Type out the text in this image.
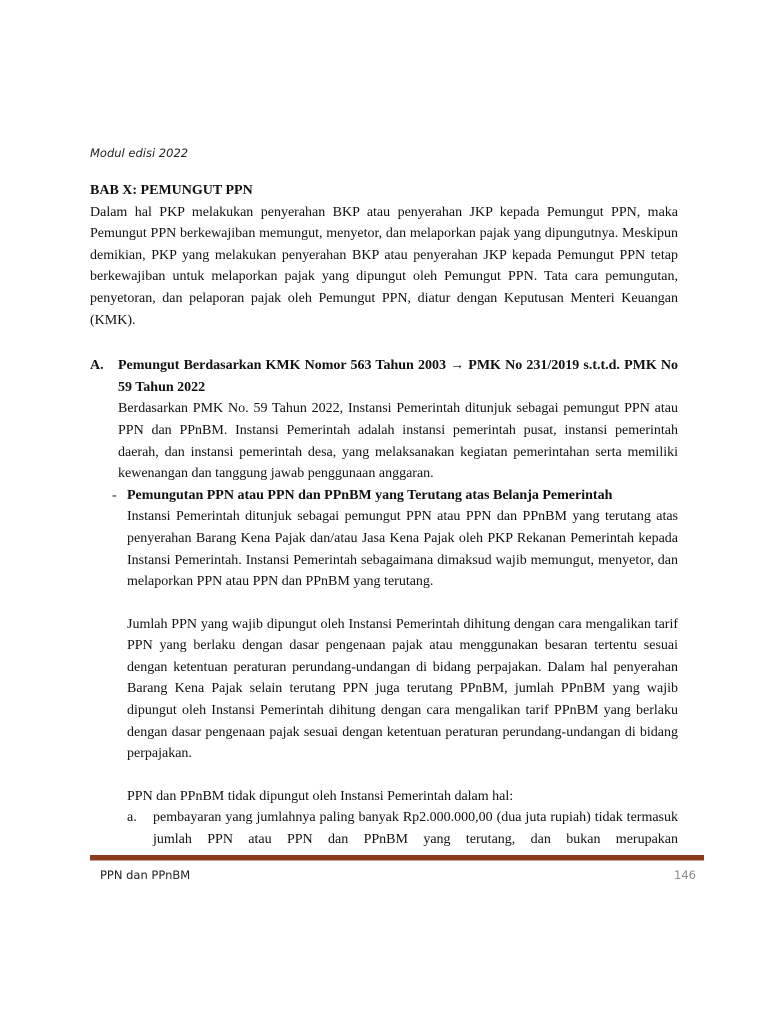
Modul edisi 2022

BAB X: PEMUNGUT PPN

Dalam hal PKP melakukan penyerahan BKP atau penyerahan JKP kepada Pemungut PPN, maka Pemungut PPN berkewajiban memungut, menyetor, dan melaporkan pajak yang dipungutnya. Meskipun demikian, PKP yang melakukan penyerahan BKP atau penyerahan JKP kepada Pemungut PPN tetap berkewajiban untuk melaporkan pajak yang dipungut oleh Pemungut PPN. Tata cara pemungutan, penyetoran, dan pelaporan pajak oleh Pemungut PPN, diatur dengan Keputusan Menteri Keuangan (KMK).

A. Pemungut Berdasarkan KMK Nomor 563 Tahun 2003 → PMK No 231/2019 s.t.t.d. PMK No 59 Tahun 2022

Berdasarkan PMK No. 59 Tahun 2022, Instansi Pemerintah ditunjuk sebagai pemungut PPN atau PPN dan PPnBM. Instansi Pemerintah adalah instansi pemerintah pusat, instansi pemerintah daerah, dan instansi pemerintah desa, yang melaksanakan kegiatan pemerintahan serta memiliki kewenangan dan tanggung jawab penggunaan anggaran.

- Pemungutan PPN atau PPN dan PPnBM yang Terutang atas Belanja Pemerintah

Instansi Pemerintah ditunjuk sebagai pemungut PPN atau PPN dan PPnBM yang terutang atas penyerahan Barang Kena Pajak dan/atau Jasa Kena Pajak oleh PKP Rekanan Pemerintah kepada Instansi Pemerintah. Instansi Pemerintah sebagaimana dimaksud wajib memungut, menyetor, dan melaporkan PPN atau PPN dan PPnBM yang terutang.

Jumlah PPN yang wajib dipungut oleh Instansi Pemerintah dihitung dengan cara mengalikan tarif PPN yang berlaku dengan dasar pengenaan pajak atau menggunakan besaran tertentu sesuai dengan ketentuan peraturan perundang-undangan di bidang perpajakan. Dalam hal penyerahan Barang Kena Pajak selain terutang PPN juga terutang PPnBM, jumlah PPnBM yang wajib dipungut oleh Instansi Pemerintah dihitung dengan cara mengalikan tarif PPnBM yang berlaku dengan dasar pengenaan pajak sesuai dengan ketentuan peraturan perundang-undangan di bidang perpajakan.

PPN dan PPnBM tidak dipungut oleh Instansi Pemerintah dalam hal:

a. pembayaran yang jumlahnya paling banyak Rp2.000.000,00 (dua juta rupiah) tidak termasuk jumlah PPN atau PPN dan PPnBM yang terutang, dan bukan merupakan

PPN dan PPnBM	146
